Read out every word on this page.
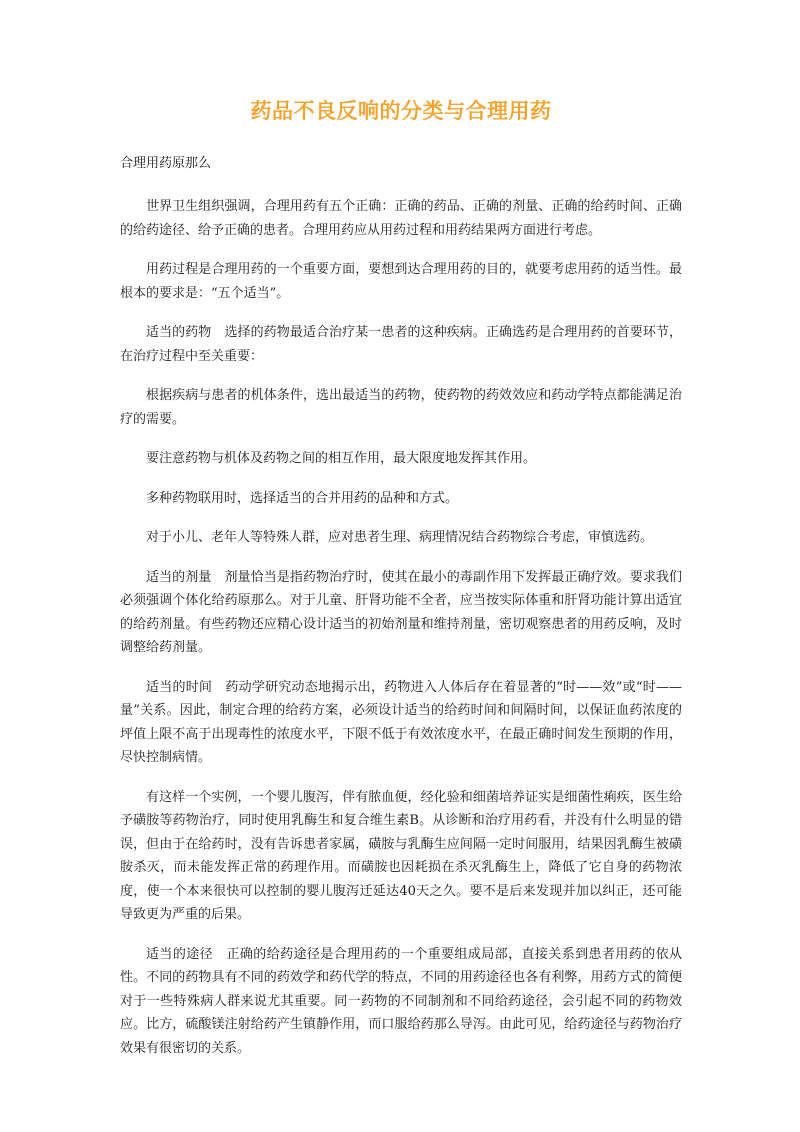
药品不良反响的分类与合理用药

合理用药原那么

世界卫生组织强调，合理用药有五个正确：正确的药品、正确的剂量、正确的给药时间、正确的给药途径、给予正确的患者。合理用药应从用药过程和用药结果两方面进行考虑。

用药过程是合理用药的一个重要方面，要想到达合理用药的目的，就要考虑用药的适当性。最根本的要求是：“五个适当”。

适当的药物　选择的药物最适合治疗某一患者的这种疾病。正确选药是合理用药的首要环节，在治疗过程中至关重要：

根据疾病与患者的机体条件，选出最适当的药物，使药物的药效效应和药动学特点都能满足治疗的需要。

要注意药物与机体及药物之间的相互作用，最大限度地发挥其作用。

多种药物联用时，选择适当的合并用药的品种和方式。

对于小儿、老年人等特殊人群，应对患者生理、病理情况结合药物综合考虑，审慎选药。

适当的剂量　剂量恰当是指药物治疗时，使其在最小的毒副作用下发挥最正确疗效。要求我们必须强调个体化给药原那么。对于儿童、肝肾功能不全者，应当按实际体重和肝肾功能计算出适宜的给药剂量。有些药物还应精心设计适当的初始剂量和维持剂量，密切观察患者的用药反响，及时调整给药剂量。

适当的时间　药动学研究动态地揭示出，药物进入人体后存在着显著的“时——效”或“时——量”关系。因此，制定合理的给药方案，必须设计适当的给药时间和间隔时间，以保证血药浓度的坪值上限不高于出现毒性的浓度水平，下限不低于有效浓度水平，在最正确时间发生预期的作用，尽快控制病情。

有这样一个实例，一个婴儿腹泻，伴有脓血便，经化验和细菌培养证实是细菌性痢疾，医生给予磺胺等药物治疗，同时使用乳酶生和复合维生素B。从诊断和治疗用药看，并没有什么明显的错误，但由于在给药时，没有告诉患者家属，磺胺与乳酶生应间隔一定时间服用，结果因乳酶生被磺胺杀灭，而未能发挥正常的药理作用。而磺胺也因耗损在杀灭乳酶生上，降低了它自身的药物浓度，使一个本来很快可以控制的婴儿腹泻迁延达40天之久。要不是后来发现并加以纠正，还可能导致更为严重的后果。

适当的途径　正确的给药途径是合理用药的一个重要组成局部，直接关系到患者用药的依从性。不同的药物具有不同的药效学和药代学的特点，不同的用药途径也各有利弊，用药方式的简便对于一些特殊病人群来说尤其重要。同一药物的不同制剂和不同给药途径，会引起不同的药物效应。比方，硫酸镁注射给药产生镇静作用，而口服给药那么导泻。由此可见，给药途径与药物治疗效果有很密切的关系。
